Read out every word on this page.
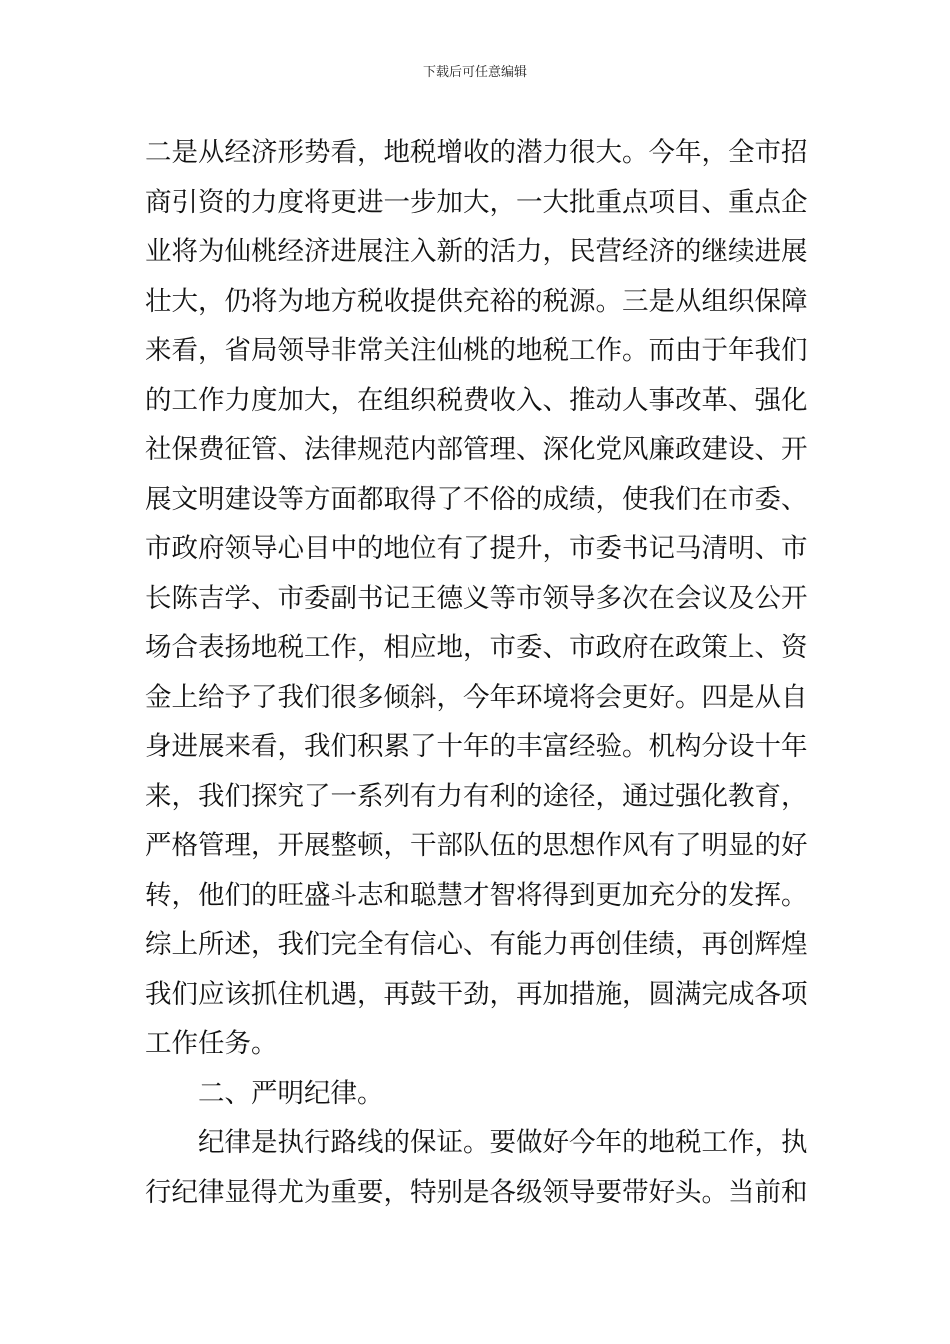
下载后可任意编辑
二是从经济形势看，地税增收的潜力很大。今年，全市招
商引资的力度将更进一步加大，一大批重点项目、重点企
业将为仙桃经济进展注入新的活力，民营经济的继续进展
壮大，仍将为地方税收提供充裕的税源。三是从组织保障
来看，省局领导非常关注仙桃的地税工作。而由于年我们
的工作力度加大，在组织税费收入、推动人事改革、强化
社保费征管、法律规范内部管理、深化党风廉政建设、开
展文明建设等方面都取得了不俗的成绩，使我们在市委、
市政府领导心目中的地位有了提升，市委书记马清明、市
长陈吉学、市委副书记王德义等市领导多次在会议及公开
场合表扬地税工作，相应地，市委、市政府在政策上、资
金上给予了我们很多倾斜，今年环境将会更好。四是从自
身进展来看，我们积累了十年的丰富经验。机构分设十年
来，我们探究了一系列有力有利的途径，通过强化教育，
严格管理，开展整顿，干部队伍的思想作风有了明显的好
转，他们的旺盛斗志和聪慧才智将得到更加充分的发挥。
综上所述，我们完全有信心、有能力再创佳绩，再创辉煌
我们应该抓住机遇，再鼓干劲，再加措施，圆满完成各项
工作任务。
二、严明纪律。
纪律是执行路线的保证。要做好今年的地税工作，执
行纪律显得尤为重要，特别是各级领导要带好头。当前和
